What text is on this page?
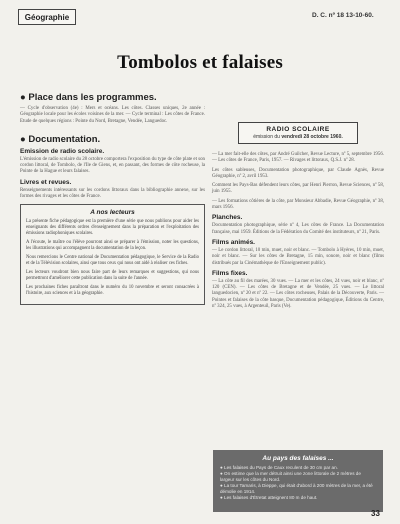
Géographie	D. C. nº 18 13-10-60.
Tombolos et falaises
● Place dans les programmes.
— Cycle d'observation (4e) : Mers et océans. Les côtes. Classes uniques, 2e année : Géographie locale pour les écoles voisines de la mer. — Cycle terminal : Les côtes de France. Etude de quelques régions : Pointe du Nord, Bretagne, Vendée, Languedoc.
● Documentation.
Emission de radio scolaire.
L'émission de radio scolaire du 28 octobre comportera l'exposition du type de côte plate et son cordon littoral, de Tombolo, de l'Ile de Giens, et, en passant, des formes de côte rocheuse, la Pointe de la Hague et leurs falaises.
Livres et revues.
Renseignements intéressants sur les cordons littoraux dans la bibliographie annexe, sur les formes des rivages et les côtes de France.
A nos lecteurs
La présente fiche pédagogique est la première d'une série que nous publions pour aider les enseignants des différents ordres d'enseignement dans la préparation et l'exploitation des émissions radiophoniques scolaires.
A l'écoute, le maître ou l'élève pourront ainsi se préparer à l'émission, noter les questions, les illustrations qui accompagnent la documentation de la leçon.
Nous remercions le Centre national de Documentation pédagogique, le Service de la Radio et de la Télévision scolaires, ainsi que tous ceux qui nous ont aidé à réaliser ces fiches.
Les lecteurs voudront bien nous faire part de leurs remarques et suggestions, qui nous permettront d'améliorer cette publication dans la suite de l'année.
Les prochaines fiches paraîtront dans le numéro du 10 novembre et seront consacrées à l'histoire, aux sciences et à la géographie.
RADIO SCOLAIRE
émission du vendredi 28 octobre 1960.
— La mer fait-elle des côtes, par André Guilcher, Revue Lecture, nº 5, septembre 1956. — Les côtes de France, Paris, 1957. — Rivages et littoraux, Q.S.J. nº 28.
Les côtes sableuses, Documentation photographique, par Claude Agnès, Revue Géographie, nº 2, avril 1953.
Comment les Pays-Bas défendent leurs côtes, par Henri Pierron, Revue Sciences, nº 58, juin 1955.
— Les formations côtières de la côte, par Monsieur Abbadie, Revue Géographie, nº 38, mars 1956.
Planches.
Documentation photographique, série nº 4, Les côtes de France. La Documentation française, mai 1959. Éditions de la Fédération du Comité des instituteurs, nº 21, Paris.
Films animés.
— Le cordon littoral, 10 min, muet, noir et blanc. — Tombolo à Hyères, 10 min, muet, noir et blanc. — Sur les côtes de Bretagne, 15 min, sonore, noir et blanc (films distribués par la Cinémathèque de l'Enseignement public).
Films fixes.
— La côte au fil des marées, 30 vues. — La mer et les côtes, 24 vues, noir et blanc, nº 120 (CEN). — Les côtes de Bretagne et de Vendée, 25 vues. — Le littoral languedocien, nº 20 et nº 22. — Les côtes rocheuses, Palais de la Découverte, Paris. — Pointes et falaises de la côte basque, Documentation pédagogique, Éditions du Centre, nº 324, 25 vues, à Argenteuil, Paris (Ve).
Au pays des falaises ...
● Les falaises du Pays de Caux reculent de 30 cm par an.
● On estime que la mer détruit ainsi une zone littorale de 2 mètres de largeur sur les côtes du Nord.
● La tour Tamaris, à Dieppe, qui était d'abord à 200 mètres de la mer, a été démolie en 1914.
● Les falaises d'Étretat atteignent 80 m de haut.
33
